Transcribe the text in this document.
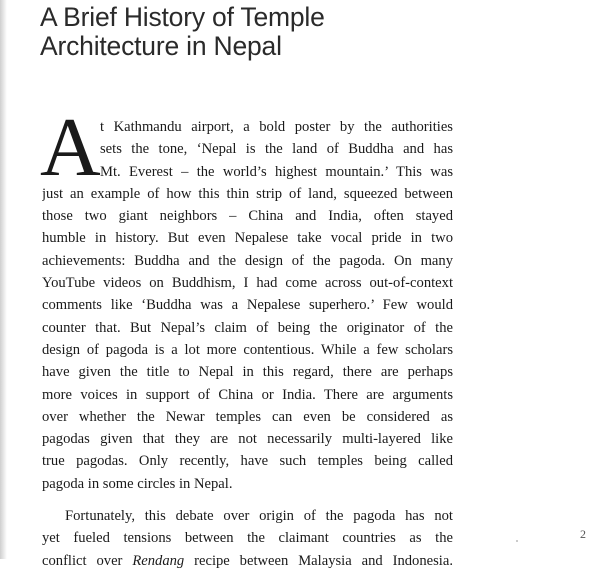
A Brief History of Temple
Architecture in Nepal
A t Kathmandu airport, a bold poster by the authorities
sets the tone, ‘Nepal is the land of Buddha and has
Mt. Everest – the world’s highest mountain.’ This was
just an example of how this thin strip of land, squeezed between
those two giant neighbors – China and India, often stayed
humble in history. But even Nepalese take vocal pride in two
achievements: Buddha and the design of the pagoda. On many
YouTube videos on Buddhism, I had come across out-of-context
comments like ‘Buddha was a Nepalese superhero.’ Few would
counter that. But Nepal’s claim of being the originator of the
design of pagoda is a lot more contentious. While a few scholars
have given the title to Nepal in this regard, there are perhaps
more voices in support of China or India. There are arguments
over whether the Newar temples can even be considered as
pagodas given that they are not necessarily multi-layered like
true pagodas. Only recently, have such temples being called
pagoda in some circles in Nepal.
Fortunately, this debate over origin of the pagoda has not
yet fueled tensions between the claimant countries as the
conflict over Rendang recipe between Malaysia and Indonesia.
2
